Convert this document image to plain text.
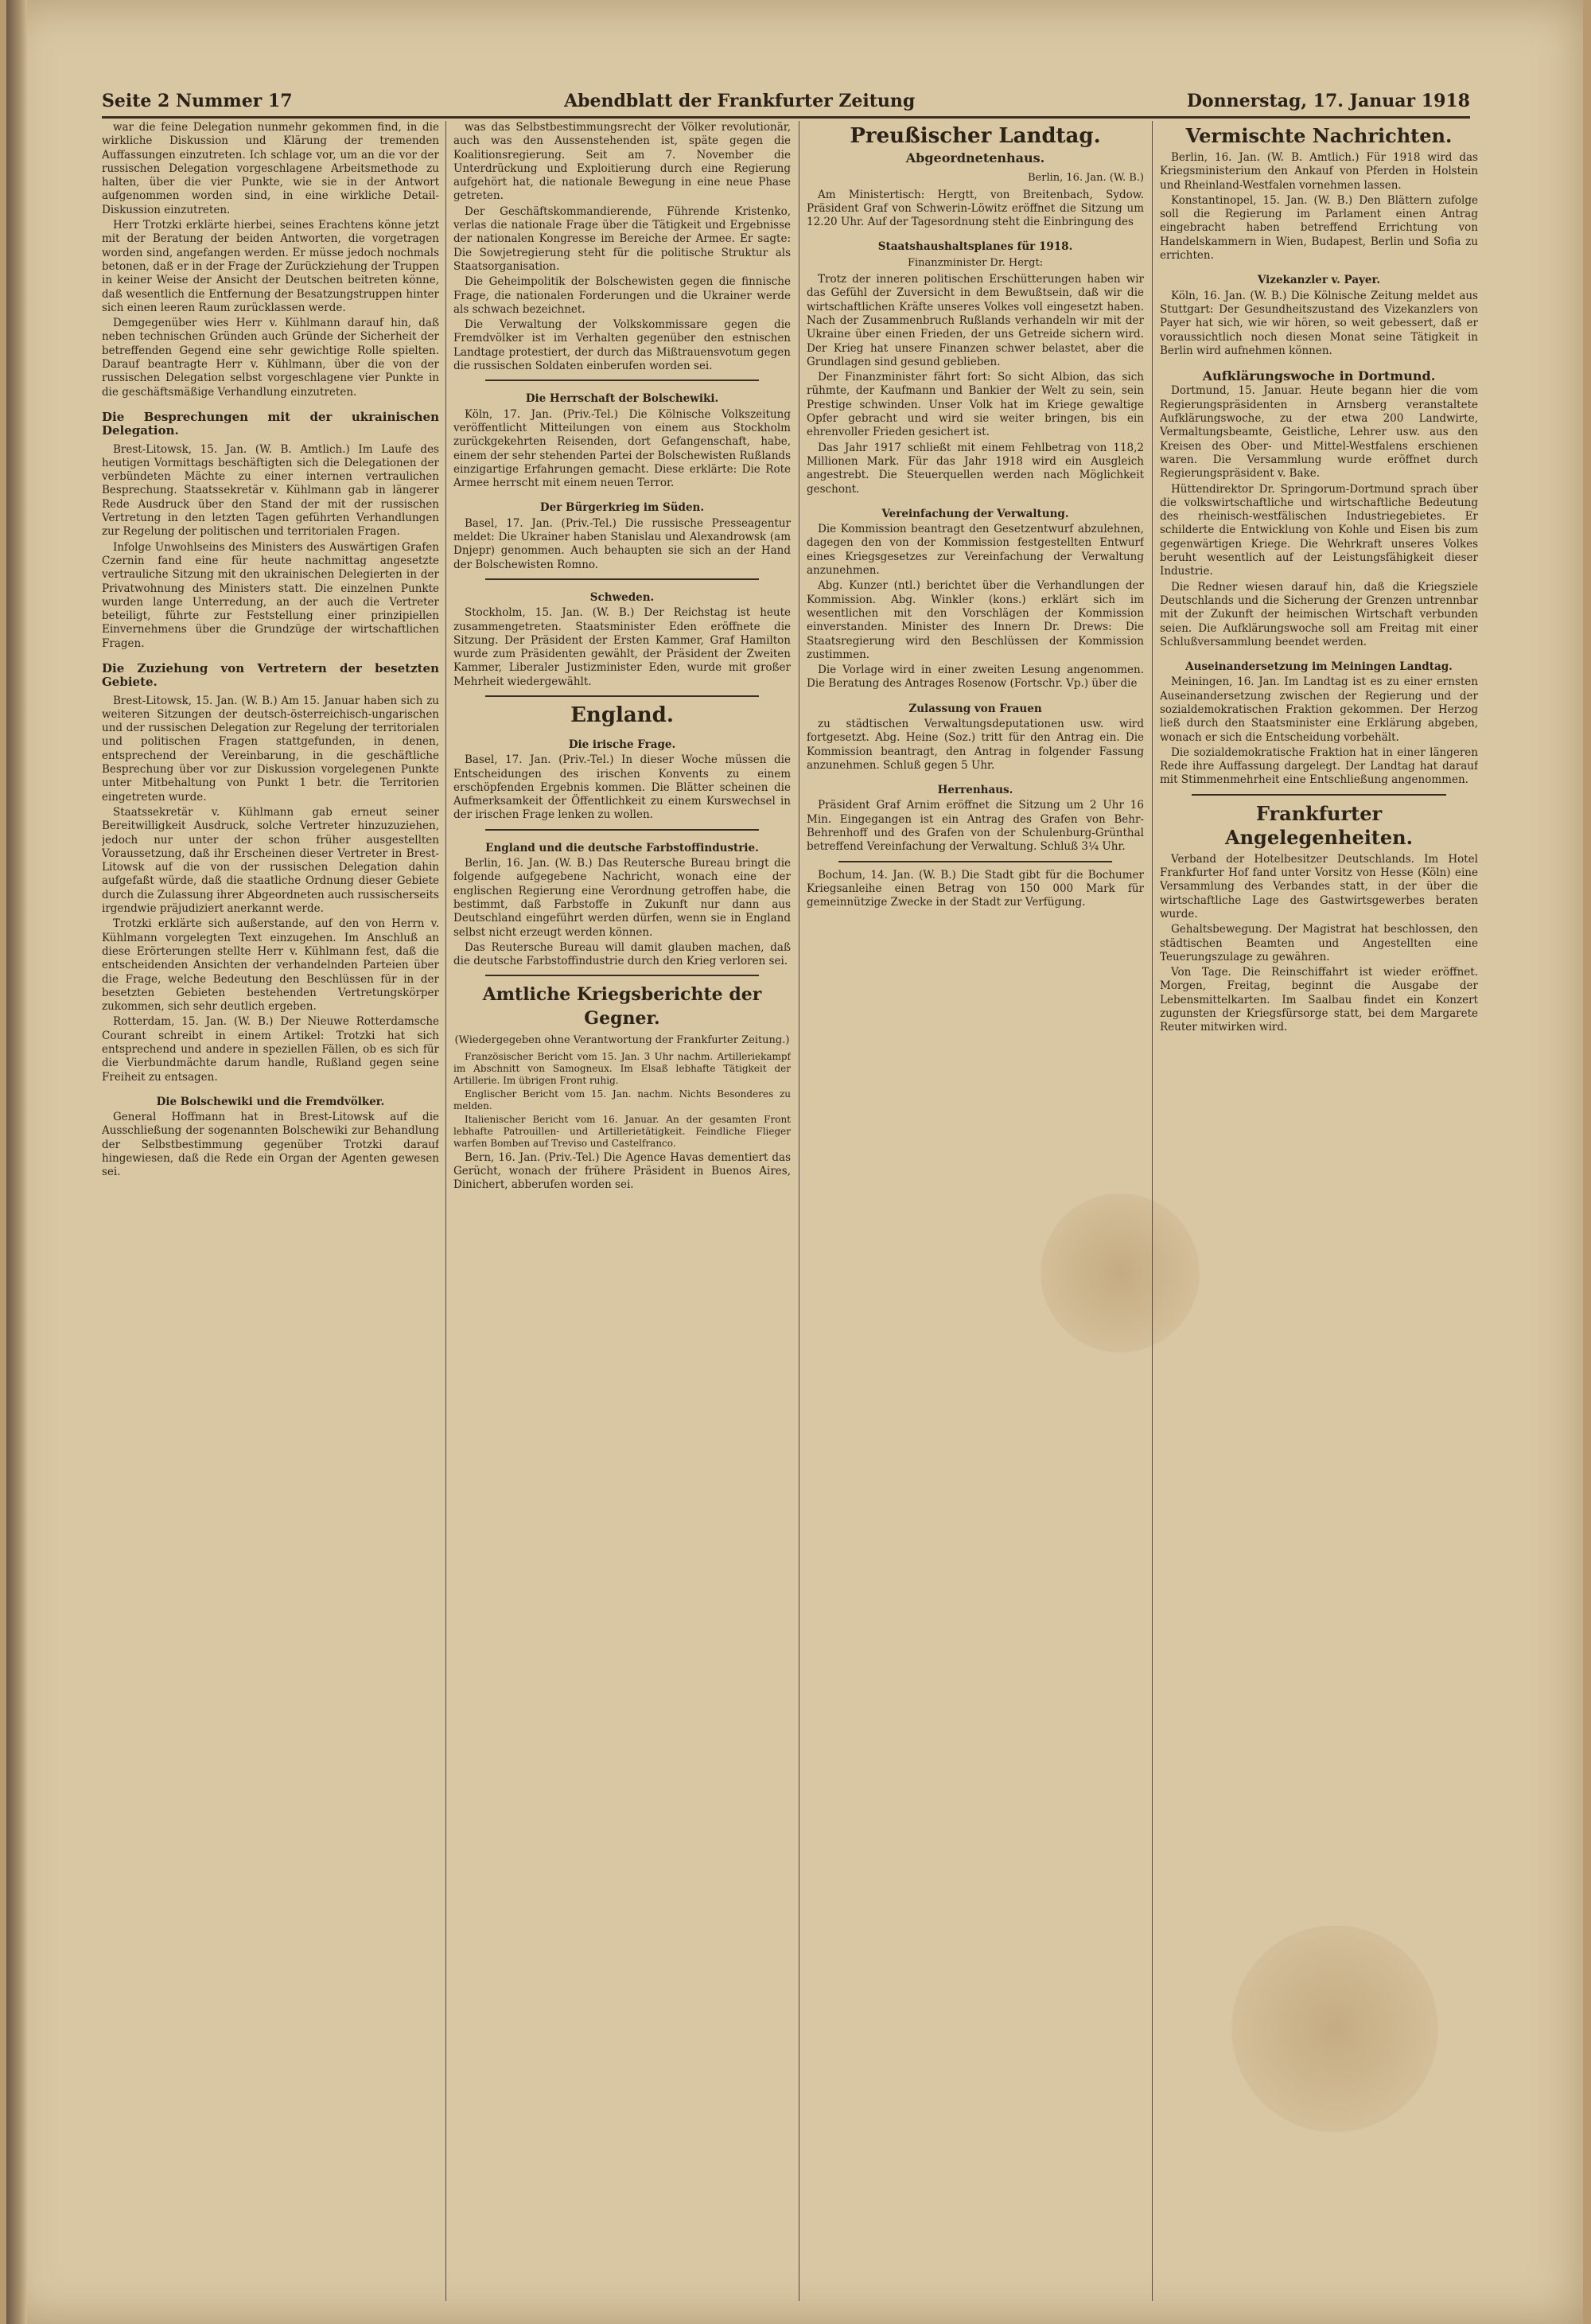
Seite 2 Nummer 17	Abendblatt der Frankfurter Zeitung	Donnerstag, 17. Januar 1918

war die feine Delegation nunmehr gekommen find, in die wirkliche Diskussion und Klärung der tremenden Auffassungen einzutreten. Ich schlage vor, um an die vor der russischen Delegation vorgeschlagene Arbeitsmethode zu halten, über die vier Punkte, wie sie in der Antwort aufgenommen worden sind, in eine wirkliche Detail-Diskussion einzutreten.

Herr Trotzki erklärte hierbei, seines Erachtens könne jetzt mit der Beratung der beiden Antworten, die vorgetragen worden sind, angefangen werden. Er müsse jedoch nochmals betonen, daß er in der Frage der Zurückziehung der Truppen in keiner Weise der Ansicht der Deutschen beitreten könne, daß wesentlich die Entfernung der Besatzungstruppen hinter sich einen leeren Raum zurücklassen werde.

Demgegenüber wies Herr v. Kühlmann darauf hin, daß neben technischen Gründen auch Gründe der Sicherheit der betreffenden Gegend eine sehr gewichtige Rolle spielten. Darauf beantragte Herr v. Kühlmann, über die von der russischen Delegation selbst vorgeschlagene vier Punkte in die geschäftsmäßige Verhandlung einzutreten.

Die Besprechungen mit der ukrainischen Delegation.

Brest-Litowsk, 15. Jan. (W. B. Amtlich.) Im Laufe des heutigen Vormittags beschäftigten sich die Delegationen der verbündeten Mächte zu einer internen vertraulichen Besprechung. Staatssekretär v. Kühlmann gab in längerer Rede Ausdruck über den Stand der mit der russischen Vertretung in den letzten Tagen geführten Verhandlungen zur Regelung der politischen und territorialen Fragen.

Infolge Unwohlseins des Ministers des Auswärtigen Grafen Czernin fand eine für heute nachmittag angesetzte vertrauliche Sitzung mit den ukrainischen Delegierten in der Privatwohnung des Ministers statt. Die einzelnen Punkte wurden lange Unterredung, an der auch die Vertreter beteiligt, führte zur Feststellung einer prinzipiellen Einvernehmens über die Grundzüge der wirtschaftlichen Fragen.

Die Zuziehung von Vertretern der besetzten Gebiete.

Brest-Litowsk, 15. Jan. (W. B.) Am 15. Januar haben sich zu weiteren Sitzungen der deutsch-österreichisch-ungarischen und der russischen Delegation zur Regelung der territorialen und politischen Fragen stattgefunden, in denen, entsprechend der Vereinbarung, in die geschäftliche Besprechung über vor zur Diskussion vorgelegenen Punkte unter Mitbehaltung von Punkt 1 betr. die Territorien eingetreten wurde.

Staatssekretär v. Kühlmann gab erneut seiner Bereitwilligkeit Ausdruck, solche Vertreter hinzuzuziehen, jedoch nur unter der schon früher ausgestellten Voraussetzung, daß ihr Erscheinen dieser Vertreter in Brest-Litowsk auf die von der russischen Delegation dahin aufgefaßt würde, daß die staatliche Ordnung dieser Gebiete durch die Zulassung ihrer Abgeordneten auch russischerseits irgendwie präjudiziert anerkannt werde.

Trotzki erklärte sich außerstande, auf den von Herrn v. Kühlmann vorgelegten Text einzugehen. Im Anschluß an diese Erörterungen stellte Herr v. Kühlmann fest, daß die entscheidenden Ansichten der verhandelnden Parteien über die Frage, welche Bedeutung den Beschlüssen für in der besetzten Gebieten bestehenden Vertretungskörper zukommen, sich sehr deutlich ergeben.

Rotterdam, 15. Jan. (W. B.) Der Nieuwe Rotterdamsche Courant schreibt in einem Artikel: Trotzki hat sich entsprechend und andere in speziellen Fällen, ob es sich für die Vierbundmächte darum handle, Rußland gegen seine Freiheit zu entsagen.

Die Bolschewiki und die Fremdvölker.

General Hoffmann hat in Brest-Litowsk auf die Ausschließung der sogenannten Bolschewiki zur Behandlung der Selbstbestimmung gegenüber Trotzki darauf hingewiesen, daß die Rede ein Organ der Agenten gewesen sei.

was das Selbstbestimmungsrecht der Völker revolutionär, auch was den Aussenstehenden ist, späte gegen die Koalitionsregierung. Seit am 7. November die Unterdrückung und Exploitierung durch eine Regierung aufgehört hat, die nationale Bewegung in eine neue Phase getreten.

Der Geschäftskommandierende, Führende Kristenko, verlas die nationale Frage über die Tätigkeit und Ergebnisse der nationalen Kongresse im Bereiche der Armee. Er sagte: Die Sowjetregierung steht für die politische Struktur als Staatsorganisation.

Die Geheimpolitik der Bolschewisten gegen die finnische Frage, die nationalen Forderungen und die Ukrainer werde als schwach bezeichnet.

Die Verwaltung der Volkskommissare gegen die Fremdvölker ist im Verhalten gegenüber den estnischen Landtage protestiert, der durch das Mißtrauensvotum gegen die russischen Soldaten einberufen worden sei.

Die Herrschaft der Bolschewiki.

Köln, 17. Jan. (Priv.-Tel.) Die Kölnische Volkszeitung veröffentlicht Mitteilungen von einem aus Stockholm zurückgekehrten Reisenden, dort Gefangenschaft, habe, einem der sehr stehenden Partei der Bolschewisten Rußlands einzigartige Erfahrungen gemacht. Diese erklärte: Die Rote Armee herrscht mit einem neuen Terror.

Der Bürgerkrieg im Süden.

Basel, 17. Jan. (Priv.-Tel.) Die russische Presseagentur meldet: Die Ukrainer haben Stanislau und Alexandrowsk (am Dnjepr) genommen. Auch behaupten sie sich an der Hand der Bolschewisten Romno.

Schweden.

Stockholm, 15. Jan. (W. B.) Der Reichstag ist heute zusammengetreten. Staatsminister Eden eröffnete die Sitzung. Der Präsident der Ersten Kammer, Graf Hamilton wurde zum Präsidenten gewählt, der Präsident der Zweiten Kammer, Liberaler Justizminister Eden, wurde mit großer Mehrheit wiedergewählt.

England.
Die irische Frage.

Basel, 17. Jan. (Priv.-Tel.) In dieser Woche müssen die Entscheidungen des irischen Konvents zu einem erschöpfenden Ergebnis kommen. Die Blätter scheinen die Aufmerksamkeit der Öffentlichkeit zu einem Kurswechsel in der irischen Frage lenken zu wollen.

England und die deutsche Farbstoffindustrie.

Berlin, 16. Jan. (W. B.) Das Reutersche Bureau bringt die folgende aufgegebene Nachricht, wonach eine der englischen Regierung eine Verordnung getroffen habe, die bestimmt, daß Farbstoffe in Zukunft nur dann aus Deutschland eingeführt werden dürfen, wenn sie in England selbst nicht erzeugt werden können.

Das Reutersche Bureau will damit glauben machen, daß die deutsche Farbstoffindustrie durch den Krieg verloren sei.

Amtliche Kriegsberichte der Gegner.
(Wiedergegeben ohne Verantwortung der Frankfurter Zeitung.)

Französischer Bericht vom 15. Jan. 3 Uhr nachm. Artilleriekampf im Abschnitt von Samogneux. Im Elsaß lebhafte Tätigkeit der Artillerie. Im übrigen Front ruhig.

Englischer Bericht vom 15. Jan. nachm. Nichts Besonderes zu melden.

Italienischer Bericht vom 16. Januar. An der gesamten Front lebhafte Patrouillen- und Artillerietätigkeit. Feindliche Flieger warfen Bomben auf Treviso und Castelfranco.

Bern, 16. Jan. (Priv.-Tel.) Die Agence Havas dementiert das Gerücht, wonach der frühere Präsident in Buenos Aires, Dinichert, abberufen worden sei.

Preußischer Landtag.
Abgeordnetenhaus.
Berlin, 16. Jan. (W. B.)

Am Ministertisch: Hergtt, von Breitenbach, Sydow. Präsident Graf von Schwerin-Löwitz eröffnet die Sitzung um 12.20 Uhr. Auf der Tagesordnung steht die Einbringung des

Staatshaushaltsplanes für 1918.
Finanzminister Dr. Hergt:

Trotz der inneren politischen Erschütterungen haben wir das Gefühl der Zuversicht in dem Bewußtsein, daß wir die wirtschaftlichen Kräfte unseres Volkes voll eingesetzt haben. Nach der Zusammenbruch Rußlands verhandeln wir mit der Ukraine über einen Frieden, der uns Getreide sichern wird. Der Krieg hat unsere Finanzen schwer belastet, aber die Grundlagen sind gesund geblieben.

Der Finanzminister fährt fort: So sicht Albion, das sich rühmte, der Kaufmann und Bankier der Welt zu sein, sein Prestige schwinden. Unser Volk hat im Kriege gewaltige Opfer gebracht und wird sie weiter bringen, bis ein ehrenvoller Frieden gesichert ist.

Das Jahr 1917 schließt mit einem Fehlbetrag von 118,2 Millionen Mark. Für das Jahr 1918 wird ein Ausgleich angestrebt. Die Steuerquellen werden nach Möglichkeit geschont.

Vereinfachung der Verwaltung.

Die Kommission beantragt den Gesetzentwurf abzulehnen, dagegen den von der Kommission festgestellten Entwurf eines Kriegsgesetzes zur Vereinfachung der Verwaltung anzunehmen.

Abg. Kunzer (ntl.) berichtet über die Verhandlungen der Kommission. Abg. Winkler (kons.) erklärt sich im wesentlichen mit den Vorschlägen der Kommission einverstanden. Minister des Innern Dr. Drews: Die Staatsregierung wird den Beschlüssen der Kommission zustimmen.

Die Vorlage wird in einer zweiten Lesung angenommen. Die Beratung des Antrages Rosenow (Fortschr. Vp.) über die

Zulassung von Frauen

zu städtischen Verwaltungsdeputationen usw. wird fortgesetzt. Abg. Heine (Soz.) tritt für den Antrag ein. Die Kommission beantragt, den Antrag in folgender Fassung anzunehmen. Schluß gegen 5 Uhr.

Herrenhaus.

Präsident Graf Arnim eröffnet die Sitzung um 2 Uhr 16 Min. Eingegangen ist ein Antrag des Grafen von Behr-Behrenhoff und des Grafen von der Schulenburg-Grünthal betreffend Vereinfachung der Verwaltung. Schluß 3¼ Uhr.

Bochum, 14. Jan. (W. B.) Die Stadt gibt für die Bochumer Kriegsanleihe einen Betrag von 150 000 Mark für gemeinnützige Zwecke in der Stadt zur Verfügung.

Vermischte Nachrichten.

Berlin, 16. Jan. (W. B. Amtlich.) Für 1918 wird das Kriegsministerium den Ankauf von Pferden in Holstein und Rheinland-Westfalen vornehmen lassen.

Konstantinopel, 15. Jan. (W. B.) Den Blättern zufolge soll die Regierung im Parlament einen Antrag eingebracht haben betreffend Errichtung von Handelskammern in Wien, Budapest, Berlin und Sofia zu errichten.

Vizekanzler v. Payer.

Köln, 16. Jan. (W. B.) Die Kölnische Zeitung meldet aus Stuttgart: Der Gesundheitszustand des Vizekanzlers von Payer hat sich, wie wir hören, so weit gebessert, daß er voraussichtlich noch diesen Monat seine Tätigkeit in Berlin wird aufnehmen können.

Aufklärungswoche in Dortmund.

Dortmund, 15. Januar. Heute begann hier die vom Regierungspräsidenten in Arnsberg veranstaltete Aufklärungswoche, zu der etwa 200 Landwirte, Vermaltungsbeamte, Geistliche, Lehrer usw. aus den Kreisen des Ober- und Mittel-Westfalens erschienen waren. Die Versammlung wurde eröffnet durch Regierungspräsident v. Bake.

Hüttendirektor Dr. Springorum-Dortmund sprach über die volkswirtschaftliche und wirtschaftliche Bedeutung des rheinisch-westfälischen Industriegebietes. Er schilderte die Entwicklung von Kohle und Eisen bis zum gegenwärtigen Kriege. Die Wehrkraft unseres Volkes beruht wesentlich auf der Leistungsfähigkeit dieser Industrie.

Die Redner wiesen darauf hin, daß die Kriegsziele Deutschlands und die Sicherung der Grenzen untrennbar mit der Zukunft der heimischen Wirtschaft verbunden seien. Die Aufklärungswoche soll am Freitag mit einer Schlußversammlung beendet werden.

Auseinandersetzung im Meiningen Landtag.

Meiningen, 16. Jan. Im Landtag ist es zu einer ernsten Auseinandersetzung zwischen der Regierung und der sozialdemokratischen Fraktion gekommen. Der Herzog ließ durch den Staatsminister eine Erklärung abgeben, wonach er sich die Entscheidung vorbehält.

Die sozialdemokratische Fraktion hat in einer längeren Rede ihre Auffassung dargelegt. Der Landtag hat darauf mit Stimmenmehrheit eine Entschließung angenommen.

Frankfurter Angelegenheiten.

Verband der Hotelbesitzer Deutschlands. Im Hotel Frankfurter Hof fand unter Vorsitz von Hesse (Köln) eine Versammlung des Verbandes statt, in der über die wirtschaftliche Lage des Gastwirtsgewerbes beraten wurde.

Gehaltsbewegung. Der Magistrat hat beschlossen, den städtischen Beamten und Angestellten eine Teuerungszulage zu gewähren.

Von Tage. Die Reinschiffahrt ist wieder eröffnet. Morgen, Freitag, beginnt die Ausgabe der Lebensmittelkarten. Im Saalbau findet ein Konzert zugunsten der Kriegsfürsorge statt, bei dem Margarete Reuter mitwirken wird.
